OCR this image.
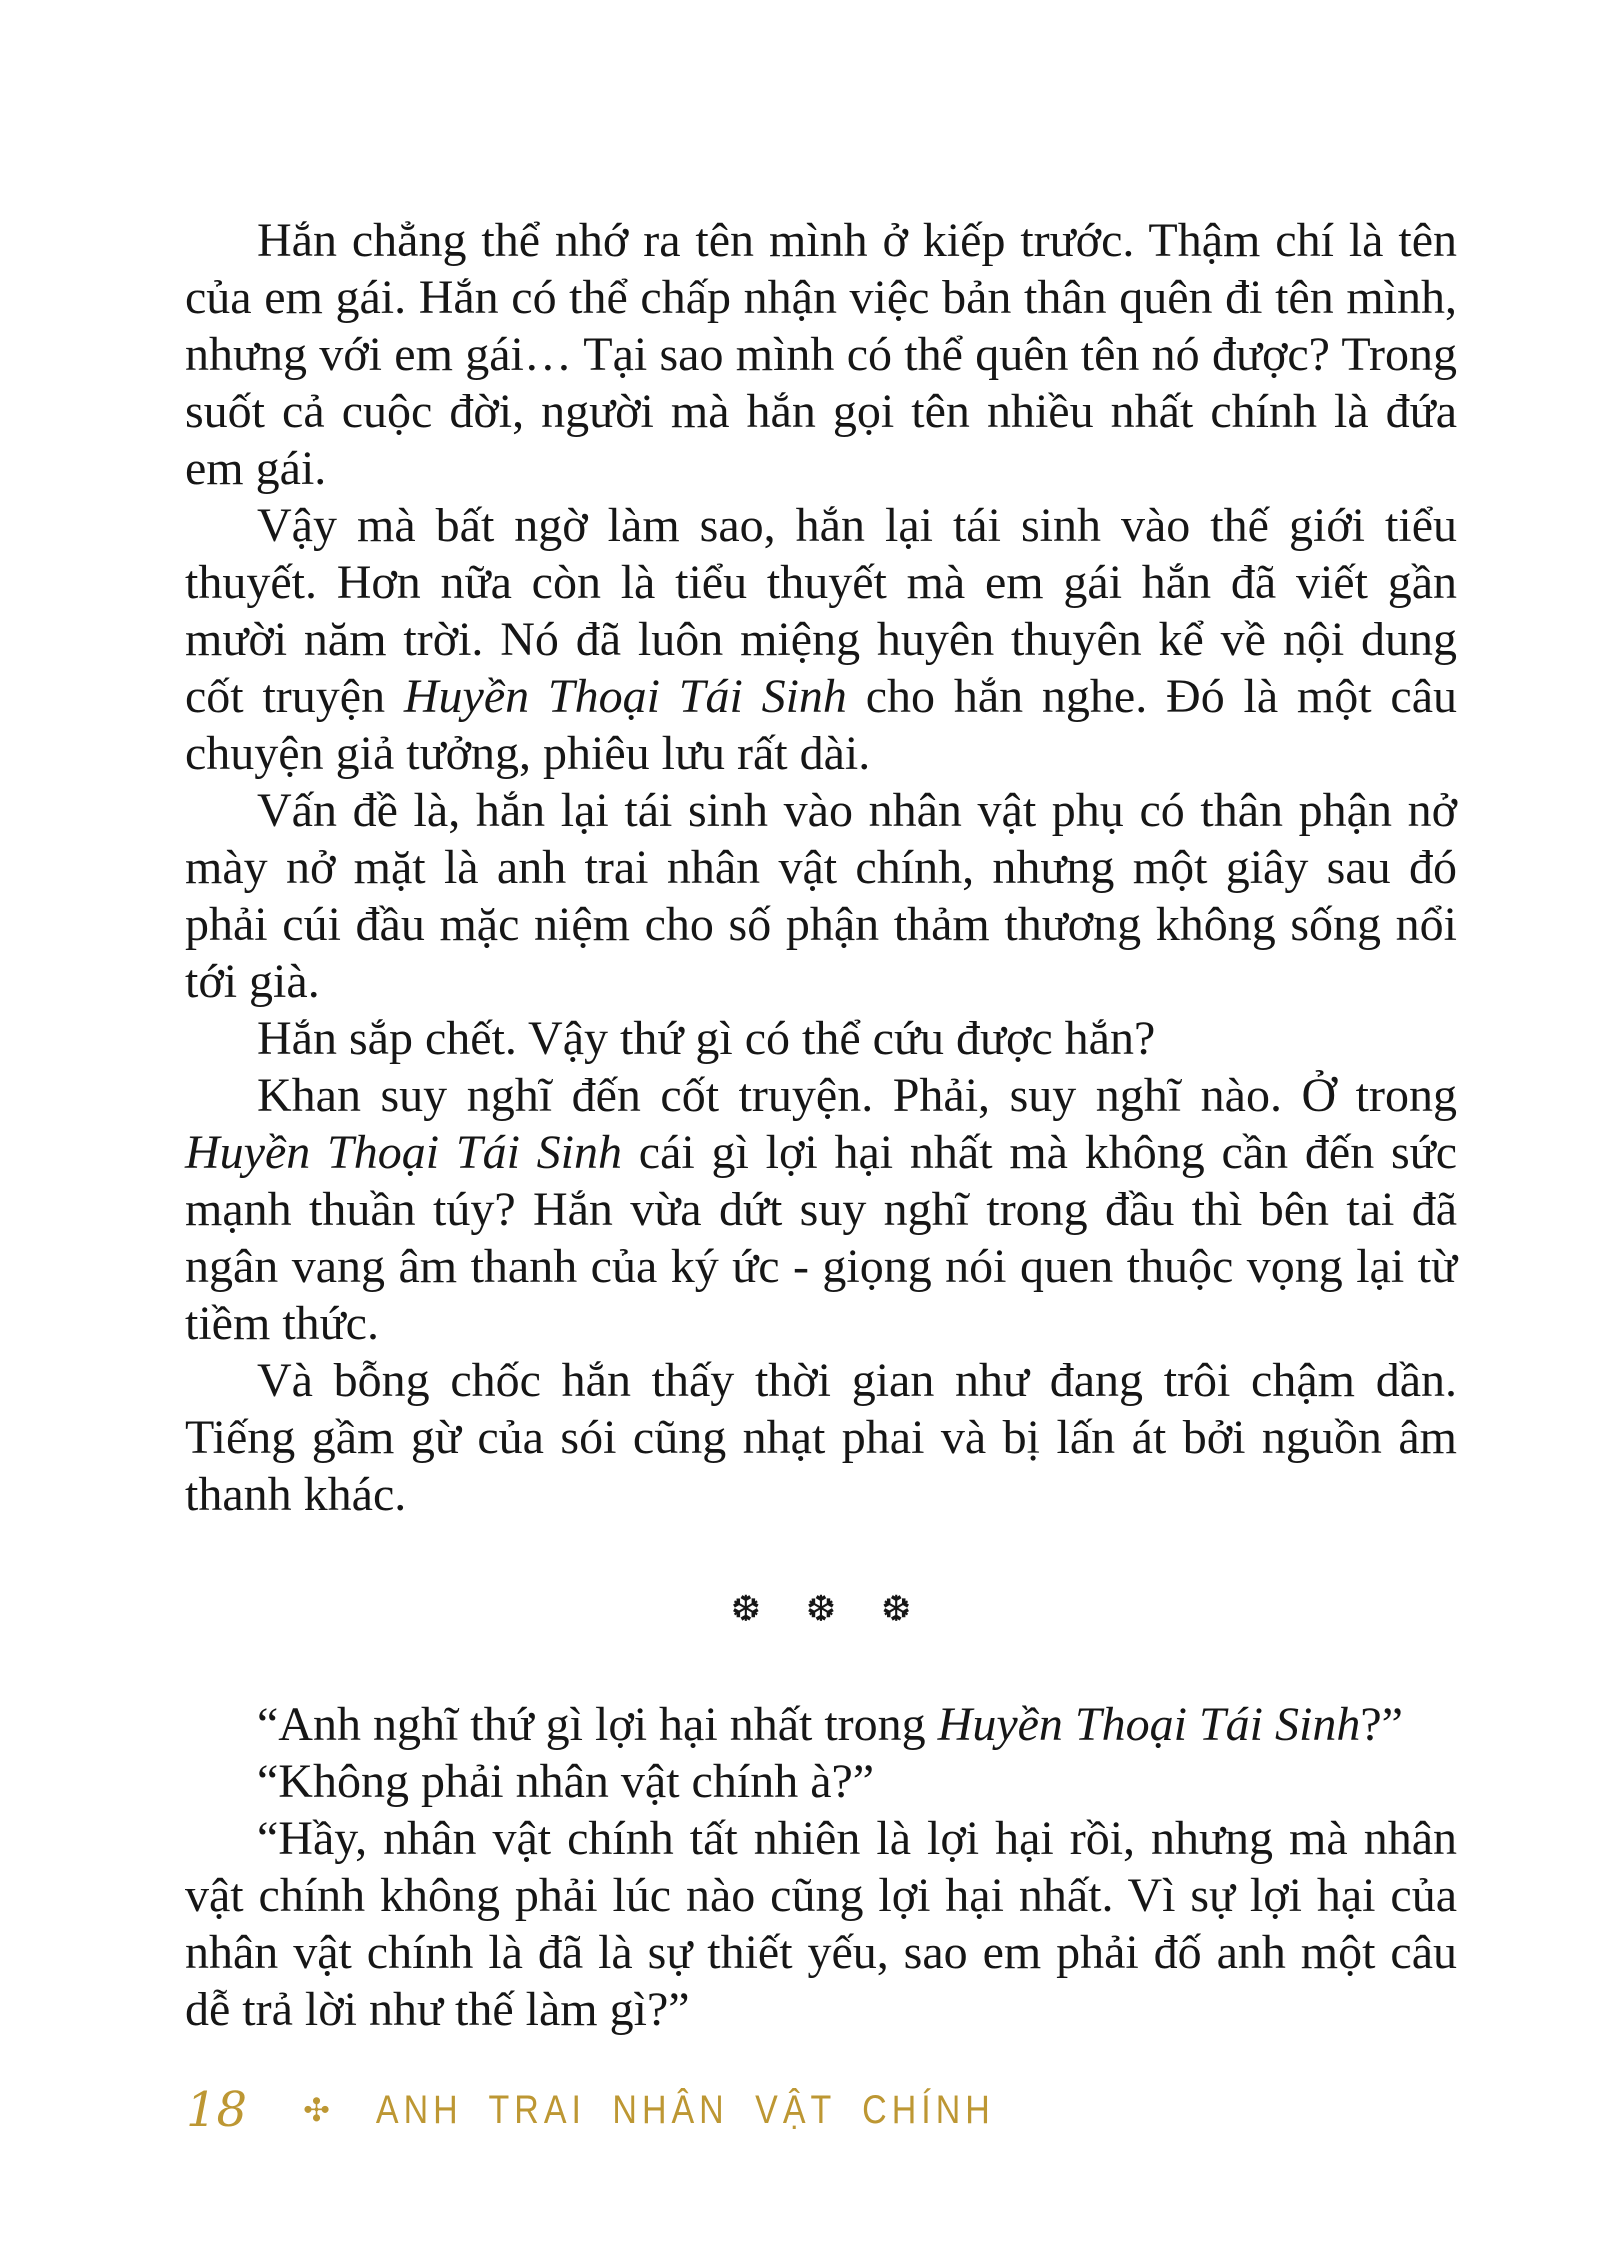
Hắn chẳng thể nhớ ra tên mình ở kiếp trước. Thậm chí là tên của em gái. Hắn có thể chấp nhận việc bản thân quên đi tên mình, nhưng với em gái… Tại sao mình có thể quên tên nó được? Trong suốt cả cuộc đời, người mà hắn gọi tên nhiều nhất chính là đứa em gái.

Vậy mà bất ngờ làm sao, hắn lại tái sinh vào thế giới tiểu thuyết. Hơn nữa còn là tiểu thuyết mà em gái hắn đã viết gần mười năm trời. Nó đã luôn miệng huyên thuyên kể về nội dung cốt truyện Huyền Thoại Tái Sinh cho hắn nghe. Đó là một câu chuyện giả tưởng, phiêu lưu rất dài.

Vấn đề là, hắn lại tái sinh vào nhân vật phụ có thân phận nở mày nở mặt là anh trai nhân vật chính, nhưng một giây sau đó phải cúi đầu mặc niệm cho số phận thảm thương không sống nổi tới già.

Hắn sắp chết. Vậy thứ gì có thể cứu được hắn?

Khan suy nghĩ đến cốt truyện. Phải, suy nghĩ nào. Ở trong Huyền Thoại Tái Sinh cái gì lợi hại nhất mà không cần đến sức mạnh thuần túy? Hắn vừa dứt suy nghĩ trong đầu thì bên tai đã ngân vang âm thanh của ký ức - giọng nói quen thuộc vọng lại từ tiềm thức.

Và bỗng chốc hắn thấy thời gian như đang trôi chậm dần. Tiếng gầm gừ của sói cũng nhạt phai và bị lấn át bởi nguồn âm thanh khác.

❆ ❆ ❆

“Anh nghĩ thứ gì lợi hại nhất trong Huyền Thoại Tái Sinh?”

“Không phải nhân vật chính à?”

“Hầy, nhân vật chính tất nhiên là lợi hại rồi, nhưng mà nhân vật chính không phải lúc nào cũng lợi hại nhất. Vì sự lợi hại của nhân vật chính là đã là sự thiết yếu, sao em phải đố anh một câu dễ trả lời như thế làm gì?”

18 ✣ ANH TRAI NHÂN VẬT CHÍNH
